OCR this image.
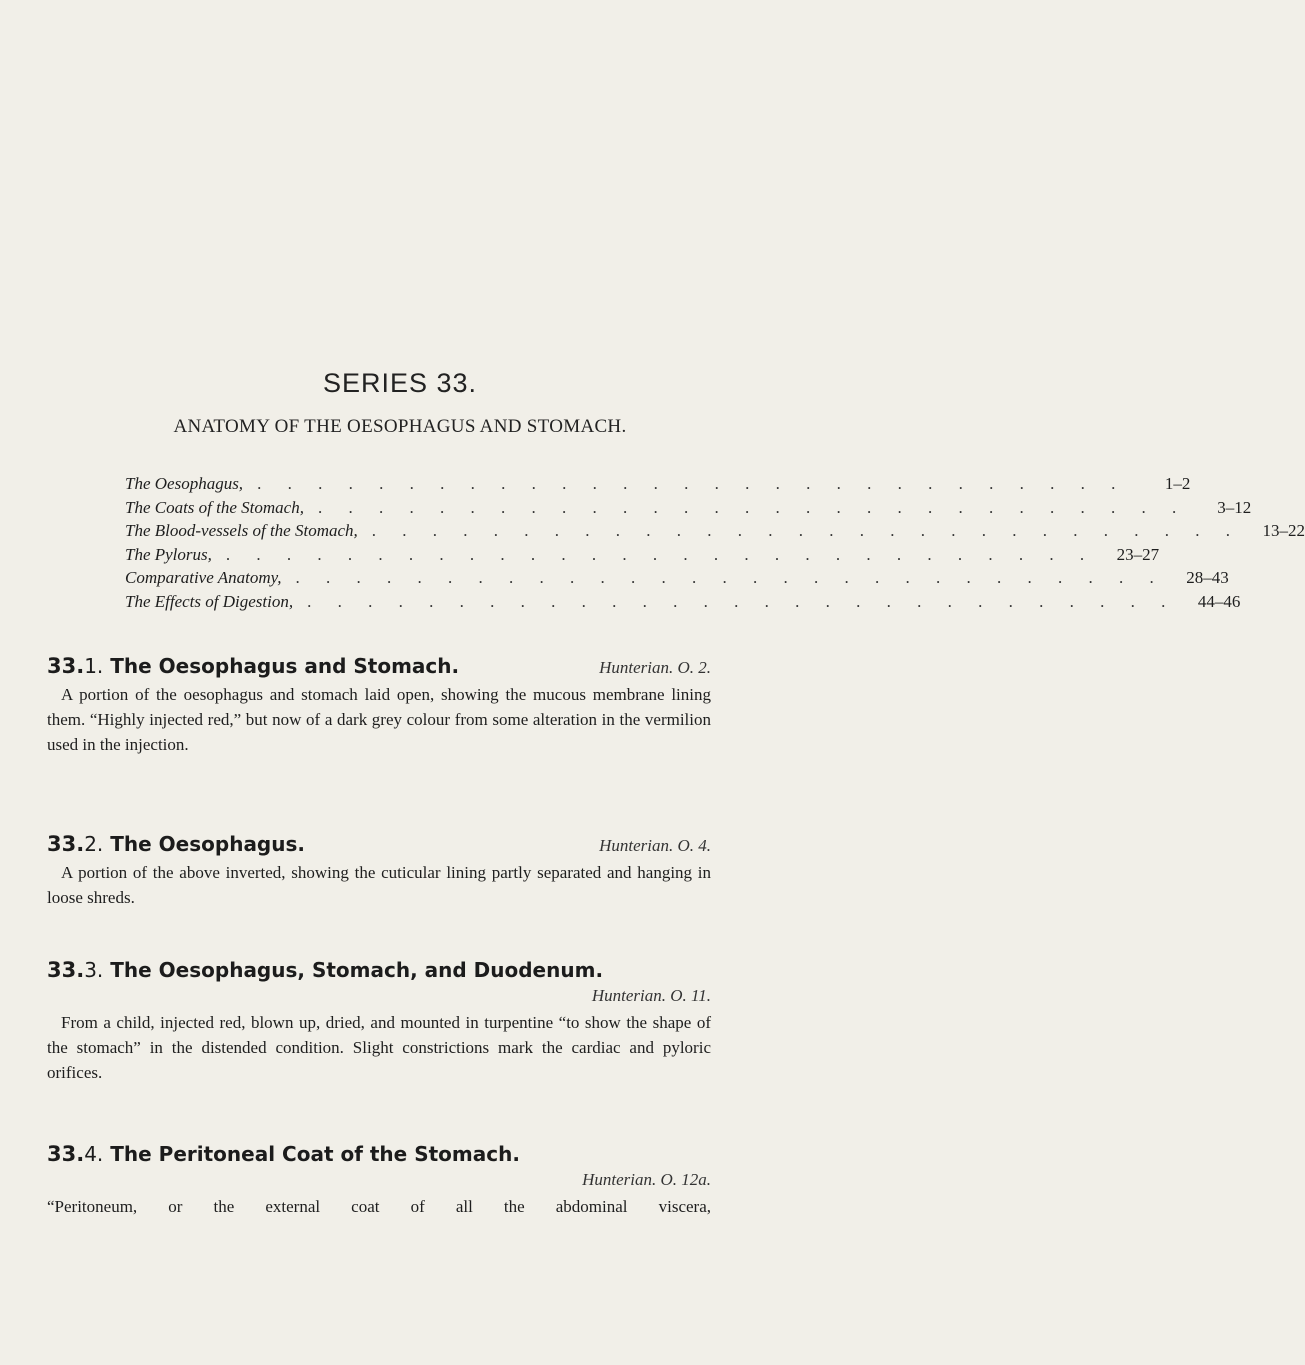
SERIES 33.
ANATOMY OF THE OESOPHAGUS AND STOMACH.
The Oesophagus, . . . . . . . . . . . . . . . . . . . . . . . . . . . . .	1–2
The Coats of the Stomach, . . . . . . . . . . . . . . . . . . . . . . . . . . . . .	3–12
The Blood-vessels of the Stomach, . . . . . . . . . . . . . . . . . . . . . . . . . . . . .	13–22
The Pylorus, . . . . . . . . . . . . . . . . . . . . . . . . . . . . .	23–27
Comparative Anatomy, . . . . . . . . . . . . . . . . . . . . . . . . . . . . .	28–43
The Effects of Digestion, . . . . . . . . . . . . . . . . . . . . . . . . . . . . .	44–46
33.1. The Oesophagus and Stomach.	Hunterian. O. 2.
A portion of the oesophagus and stomach laid open, showing the mucous membrane lining them. “Highly injected red,” but now of a dark grey colour from some alteration in the vermilion used in the injection.
33.2. The Oesophagus.	Hunterian. O. 4.
A portion of the above inverted, showing the cuticular lining partly separated and hanging in loose shreds.
33.3. The Oesophagus, Stomach, and Duodenum.
Hunterian. O. 11.
From a child, injected red, blown up, dried, and mounted in turpentine “to show the shape of the stomach” in the distended condition. Slight constrictions mark the cardiac and pyloric orifices.
33.4. The Peritoneal Coat of the Stomach.
Hunterian. O. 12a.
“Peritoneum, or the external coat of all the abdominal viscera,
